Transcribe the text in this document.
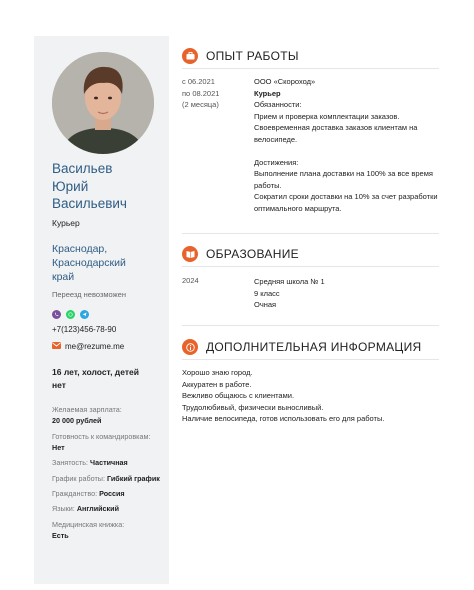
Васильев
Юрий
Васильевич
Курьер
Краснодар,
Краснодарский
край
Переезд невозможен
+7(123)456-78-90
me@rezume.me
16 лет, холост, детей
нет
Желаемая зарплата:
20 000 рублей
Готовность к командировкам: Нет
Занятость: Частичная
График работы: Гибкий график
Гражданство: Россия
Языки: Английский
Медицинская книжка:
Есть
ОПЫТ РАБОТЫ
с 06.2021
по 08.2021
(2 месяца)
ООО «Скороход»
Курьер
Обязанности:
Прием и проверка комплектации заказов.
Своевременная доставка заказов клиентам на велосипеде.
Достижения:
Выполнение плана доставки на 100% за все время работы.
Сократил сроки доставки на 10% за счет разработки оптимального маршрута.
ОБРАЗОВАНИЕ
2024	Средняя школа № 1
9 класс
Очная
ДОПОЛНИТЕЛЬНАЯ ИНФОРМАЦИЯ
Хорошо знаю город.
Аккуратен в работе.
Вежливо общаюсь с клиентами.
Трудолюбивый, физически выносливый.
Наличие велосипеда, готов использовать его для работы.
